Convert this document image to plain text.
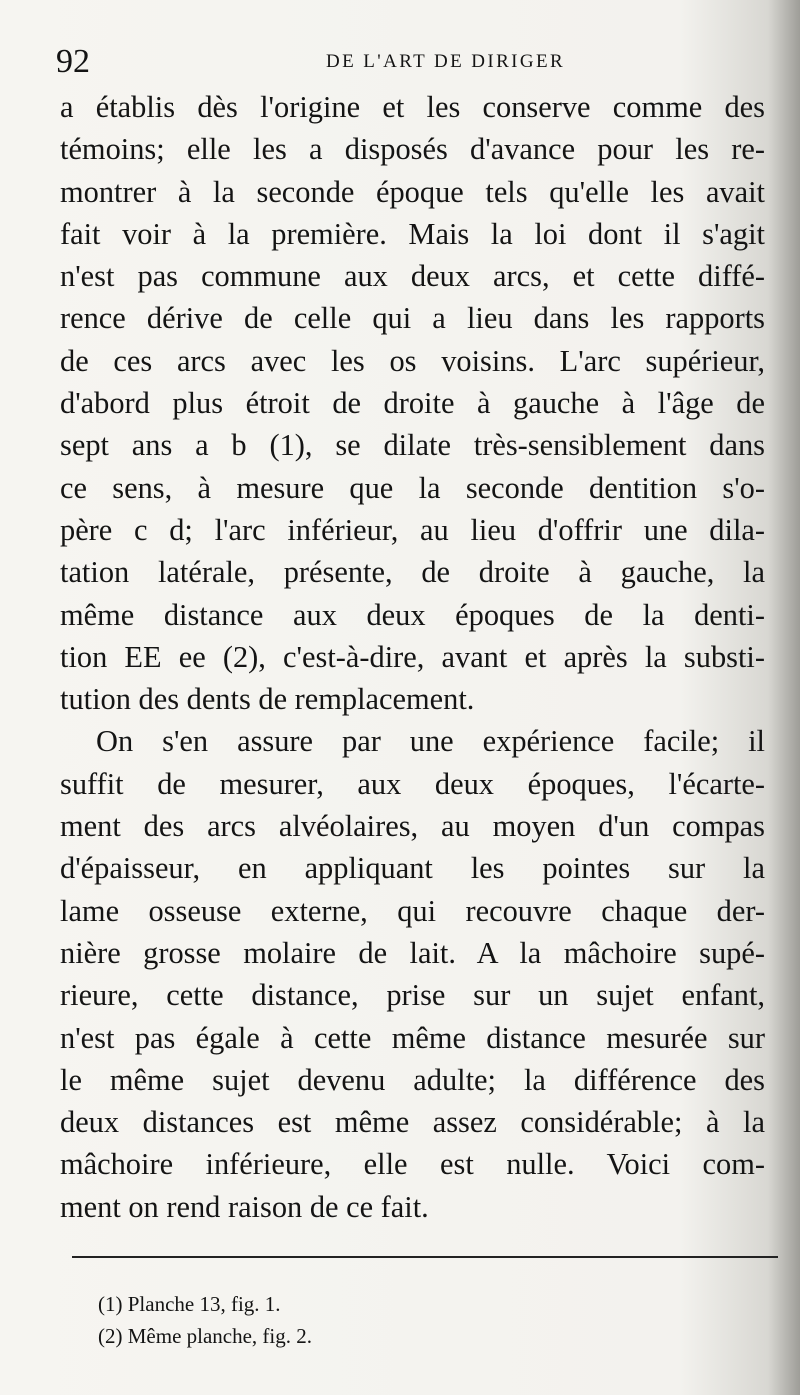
92	DE L'ART DE DIRIGER
a établis dès l'origine et les conserve comme des
témoins; elle les a disposés d'avance pour les re-
montrer à la seconde époque tels qu'elle les avait
fait voir à la première. Mais la loi dont il s'agit
n'est pas commune aux deux arcs, et cette diffé-
rence dérive de celle qui a lieu dans les rapports
de ces arcs avec les os voisins. L'arc supérieur,
d'abord plus étroit de droite à gauche à l'âge de
sept ans a b (1), se dilate très-sensiblement dans
ce sens, à mesure que la seconde dentition s'o-
père c d; l'arc inférieur, au lieu d'offrir une dila-
tation latérale, présente, de droite à gauche, la
même distance aux deux époques de la denti-
tion EE ee (2), c'est-à-dire, avant et après la substi-
tution des dents de remplacement.
On s'en assure par une expérience facile; il
suffit de mesurer, aux deux époques, l'écarte-
ment des arcs alvéolaires, au moyen d'un compas
d'épaisseur, en appliquant les pointes sur la
lame osseuse externe, qui recouvre chaque der-
nière grosse molaire de lait. A la mâchoire supé-
rieure, cette distance, prise sur un sujet enfant,
n'est pas égale à cette même distance mesurée sur
le même sujet devenu adulte; la différence des
deux distances est même assez considérable; à la
mâchoire inférieure, elle est nulle. Voici com-
ment on rend raison de ce fait.
(1) Planche 13, fig. 1.
(2) Même planche, fig. 2.
